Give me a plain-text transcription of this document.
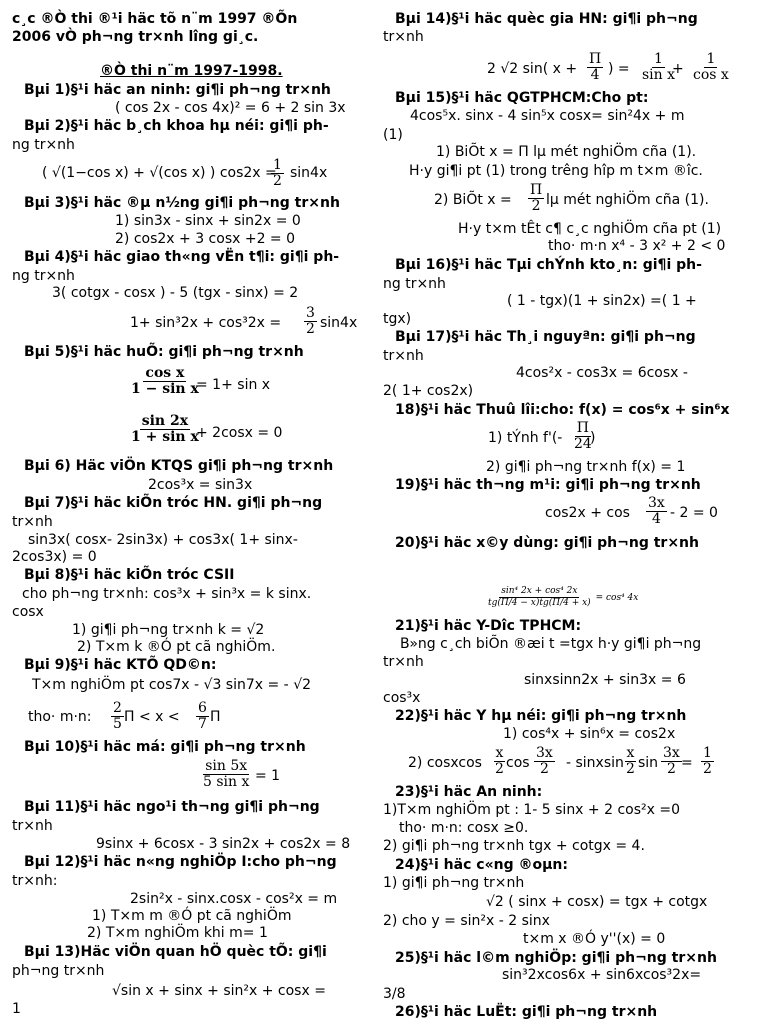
c¸c ®Ò thi ®¹i häc tõ n¨m 1997 ®Õn
2006 vÒ ph¬ng tr×nh lîng gi¸c.
®Ò thi n¨m 1997-1998.
Bµi 1)§¹i häc an ninh: gi¶i ph¬ng tr×nh
( cos 2x - cos 4x)² = 6 + 2 sin 3x
Bµi 2)§¹i häc b¸ch khoa hµ néi: gi¶i ph-
ng tr×nh
( √(1−cos x) + √(cos x) ) cos2x = sin4x
Bµi 3)§¹i häc ®µ n½ng gi¶i ph¬ng tr×nh
1) sin3x - sinx + sin2x = 0
2) cos2x + 3 cosx +2 = 0
Bµi 4)§¹i häc giao th«ng vËn t¶i: gi¶i ph-
ng tr×nh
3( cotgx - cosx ) - 5 (tgx - sinx) = 2
1+ sin³2x + cos³2x =	sin4x
Bµi 5)§¹i häc huÕ: gi¶i ph¬ng tr×nh
= 1+ sin x
+ 2cosx = 0
Bµi 6) Häc viÖn KTQS gi¶i ph¬ng tr×nh
2cos³x = sin3x
Bµi 7)§¹i häc kiÕn tróc HN. gi¶i ph¬ng
tr×nh
sin3x( cosx- 2sin3x) + cos3x( 1+ sinx-
2cos3x) = 0
Bµi 8)§¹i häc kiÕn tróc CSII
cho ph¬ng tr×nh: cos³x + sin³x = k sinx.
cosx
1) gi¶i ph¬ng tr×nh k = √2
2) T×m k ®Ó pt cã nghiÖm.
Bµi 9)§¹i häc KTÕ QD©n:
T×m nghiÖm pt cos7x - √3 sin7x = - √2
tho· m·n: Π < x < Π
Bµi 10)§¹i häc má: gi¶i ph¬ng tr×nh
= 1
Bµi 11)§¹i häc ngo¹i th¬ng gi¶i ph¬ng
tr×nh
9sinx + 6cosx - 3 sin2x + cos2x = 8
Bµi 12)§¹i häc n«ng nghiÖp I:cho ph¬ng
tr×nh:
2sin²x - sinx.cosx - cos²x = m
1) T×m m ®Ó pt cã nghiÖm
2) T×m nghiÖm khi m= 1
Bµi 13)Häc viÖn quan hÖ quèc tÕ: gi¶i
ph¬ng tr×nh
√sin x + sinx + sin²x + cosx =
1
Bµi 14)§¹i häc quèc gia HN: gi¶i ph¬ng
tr×nh
2 √2 sin( x + ) =	+
Bµi 15)§¹i häc QGTPHCM:Cho pt:
4cos⁵x. sinx - 4 sin⁵x cosx= sin²4x + m
(1)
1) BiÕt x = Π lµ mét nghiÖm cña (1).
H·y gi¶i pt (1) trong trêng hîp m t×m ®îc.
2) BiÕt x = lµ mét nghiÖm cña (1).
H·y t×m tÊt c¶ c¸c nghiÖm cña pt (1)
tho· m·n x⁴ - 3 x² + 2 < 0
Bµi 16)§¹i häc Tµi chÝnh kto¸n: gi¶i ph-
ng tr×nh
( 1 - tgx)(1 + sin2x) =( 1 +
tgx)
Bµi 17)§¹i häc Th¸i nguyªn: gi¶i ph¬ng
tr×nh
4cos²x - cos3x = 6cosx -
2( 1+ cos2x)
18)§¹i häc Thuû lîi:cho: f(x) = cos⁶x + sin⁶x
1) tÝnh f'(- )
2) gi¶i ph¬ng tr×nh f(x) = 1
19)§¹i häc th¬ng m¹i: gi¶i ph¬ng tr×nh
cos2x + cos	- 2 = 0
20)§¹i häc x©y dùng: gi¶i ph¬ng tr×nh
21)§¹i häc Y-Dîc TPHCM:
B»ng c¸ch biÕn ®æi t =tgx h·y gi¶i ph¬ng
tr×nh
sinxsinn2x + sin3x = 6
cos³x
22)§¹i häc Y hµ néi: gi¶i ph¬ng tr×nh
1) cos⁴x + sin⁶x = cos2x
2) cosxcos cos	- sinxsin sin =
23)§¹i häc An ninh:
1)T×m nghiÖm pt : 1- 5 sinx + 2 cos²x =0
tho· m·n: cosx ≥0.
2) gi¶i ph¬ng tr×nh tgx + cotgx = 4.
24)§¹i häc c«ng ®oµn:
1) gi¶i ph¬ng tr×nh
√2 ( sinx + cosx) = tgx + cotgx
2) cho y = sin²x - 2 sinx
t×m x ®Ó y''(x) = 0
25)§¹i häc l©m nghiÖp: gi¶i ph¬ng tr×nh
sin³2xcos6x + sin6xcos³2x=
3/8
26)§¹i häc LuËt: gi¶i ph¬ng tr×nh
$\frac{1}{2}$
$\frac{3}{2}$
$\frac{\text{cos x}}{\text{1 − sin x}}$
$\frac{\sin 2x}{\text{1 + sin x}}$
$\frac{2}{5}$	$\frac{6}{7}$
$\frac{\sin 5x}{\text{5 sin x}}$
$\frac{\Pi}{4}$	$\frac{1}{\text{sin x}} \frac{1}{\text{cos x}}$
$\frac{\Pi}{2}$
$\frac{\Pi}{24}$
$\frac{3x}{4}$
$\frac{x}{2} \frac{3x}{2}$	$\frac{x}{2} \frac{3x}{2} \frac{1}{2}$
$\frac{\text{sin⁴ 2x + cos⁴ 2x}}{tg(\Pi/4 - x)tg(\Pi/4 + x)} = \cos^4$ 4x
